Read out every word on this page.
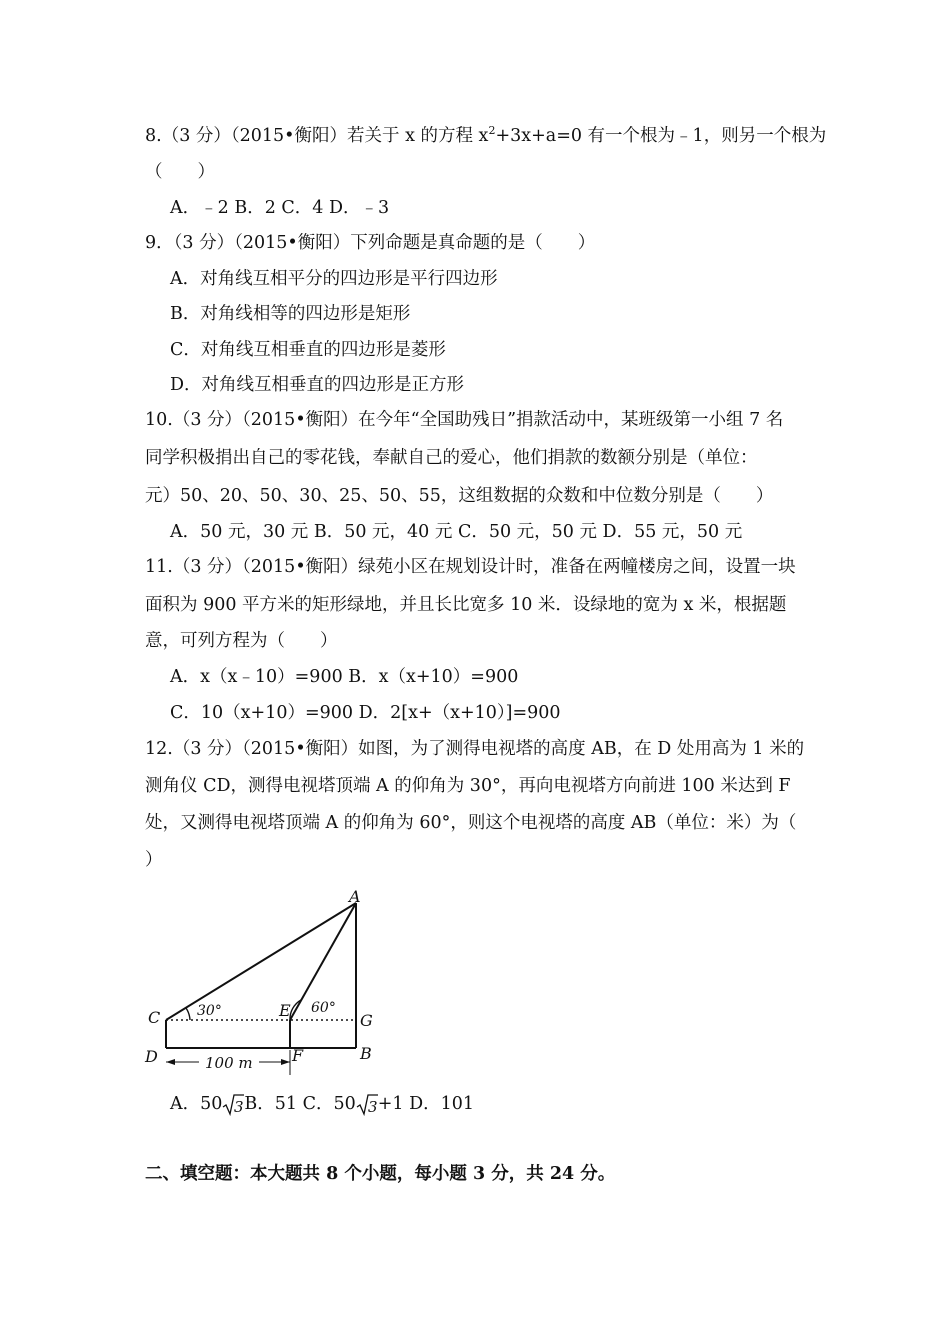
8.（3 分）（2015•衡阳）若关于 x 的方程 $x^2+3x+a=0$ 有一个根为﹣1，则另一个根为
（　　）
A．﹣2 B．2 C．4 D．﹣3
9．（3 分）（2015•衡阳）下列命题是真命题的是（　　）
A．对角线互相平分的四边形是平行四边形
B．对角线相等的四边形是矩形
C．对角线互相垂直的四边形是菱形
D．对角线互相垂直的四边形是正方形
10.（3 分）（2015•衡阳）在今年“全国助残日”捐款活动中，某班级第一小组 7 名
同学积极捐出自己的零花钱，奉献自己的爱心，他们捐款的数额分别是（单位：
元）50、20、50、30、25、50、55，这组数据的众数和中位数分别是（　　）
A．50 元，30 元 B．50 元，40 元 C．50 元，50 元 D．55 元，50 元
11.（3 分）（2015•衡阳）绿苑小区在规划设计时，准备在两幢楼房之间，设置一块
面积为 900 平方米的矩形绿地，并且长比宽多 10 米．设绿地的宽为 x 米，根据题
意，可列方程为（　　）
A．x（x﹣10）=900 B．x（x+10）=900
C．10（x+10）=900 D．2[x+（x+10）]=900
12.（3 分）（2015•衡阳）如图，为了测得电视塔的高度 AB，在 D 处用高为 1 米的
测角仪 CD，测得电视塔顶端 A 的仰角为 30°，再向电视塔方向前进 100 米达到 F
处，又测得电视塔顶端 A 的仰角为 60°，则这个电视塔的高度 AB（单位：米）为（
）
100 m
A
C	E
G
D	F	B
30°	60°
A．50 3 B．51 C．50 3 +1 D．101
二、填空题：本大题共 8 个小题，每小题 3 分，共 24 分。
